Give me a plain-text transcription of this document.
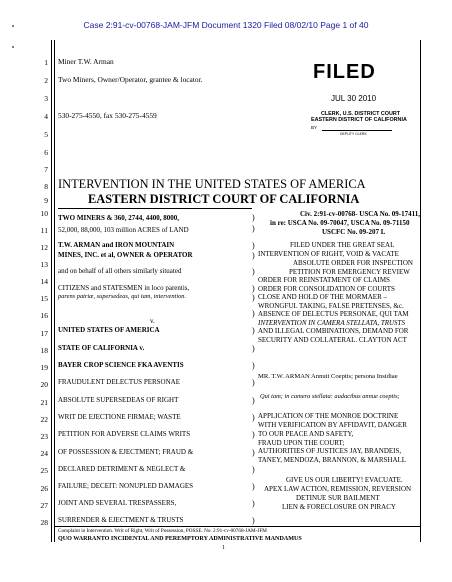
Case 2:91-cv-00768-JAM-JFM Document 1320 Filed 08/02/10 Page 1 of 40
1
2
3
4
5
6
7
8
9
10
11
12
13
14
15
16
17
18
19
20
21
22
23
24
25
26
27
28
Miner T.W. Arman
Two Miners, Owner/Operator, grantee & locator.
530-275-4550, fax 530-275-4559
FILED
JUL 30 2010
CLERK, U.S. DISTRICT COURT
EASTERN DISTRICT OF CALIFORNIA
BY
DEPUTY CLERK
INTERVENTION IN THE UNITED STATES OF AMERICA
EASTERN DISTRICT COURT OF CALIFORNIA
TWO MINERS & 360, 2744, 4400, 8000,
52,000, 88,000, 103 million ACRES of LAND
T.W. ARMAN and IRON MOUNTAIN
MINES, INC. et al, OWNER & OPERATOR
and on behalf of all others similarly situated
CITIZENS and STATESMEN in loco parentis,
parens patriæ, supersedeas, qui tam, intervention.
v.
UNITED STATES OF AMERICA
STATE OF CALIFORNIA v.
BAYER CROP SCIENCE FKA AVENTIS
FRAUDULENT DELECTUS PERSONAE
ABSOLUTE SUPERSEDEAS OF RIGHT
WRIT DE EJECTIONE FIRMAE; WASTE
PETITION FOR ADVERSE CLAIMS WRITS
OF POSSESSION & EJECTMENT; FRAUD &
DECLARED DETRIMENT & NEGLECT &
FAILURE; DECEIT: NONUPLED DAMAGES
JOINT AND SEVERAL TRESPASSERS,
SURRENDER & EJECTMENT & TRUSTS
)
)
)
)
)
)
)
)
)
)
)
)
)
)
)
)
)
)
)
)
Civ. 2:91-cv-00768- USCA No. 09-17411,
in re: USCA No. 09-70047, USCA No. 09-71150
USCFC No. 09-207 L
FILED UNDER THE GREAT SEAL
INTERVENTION OF RIGHT, VOID & VACATE
ABSOLUTE ORDER FOR INSPECTION
PETITION FOR EMERGENCY REVIEW
ORDER FOR REINSTATMENT OF CLAIMS
ORDER FOR CONSOLIDATION OF COURTS
CLOSE AND HOLD OF THE MORMAER –
WRONGFUL TAKING, FALSE PRETENSES, &c.
ABSENCE OF DELECTUS PERSONAE, QUI TAM
INTERVENTION IN CAMERA STELLATA, TRUSTS
AND ILLEGAL COMBINATIONS, DEMAND FOR
SECURITY AND COLLATERAL. CLAYTON ACT
MR. T.W. ARMAN Annuit Coeptis; persona Insidiae
Qui tam; in camera stellata: audacibus annue coeptis;
APPLICATION OF THE MONROE DOCTRINE
WITH VERIFICATION BY AFFIDAVIT, DANGER
TO OUR PEACE AND SAFETY,
FRAUD UPON THE COURT;
AUTHORITIES OF JUSTICES JAY, BRANDEIS,
TANEY, MENDOZA, BRANNON, & MARSHALL
GIVE US OUR LIBERTY! EVACUATE.
APEX LAW ACTION, REMISSION, REVERSION
DETINUE SUR BAILMENT
LIEN & FORECLOSURE ON PIRACY
Complaint in Intervention. Writ of Right, Writ of Possession, POSSE. No. 2:91-cv-00768-JAM-JFM
QUO WARRANTO INCIDENTAL AND PEREMPTORY ADMINISTRATIVE MANDAMUS
1
